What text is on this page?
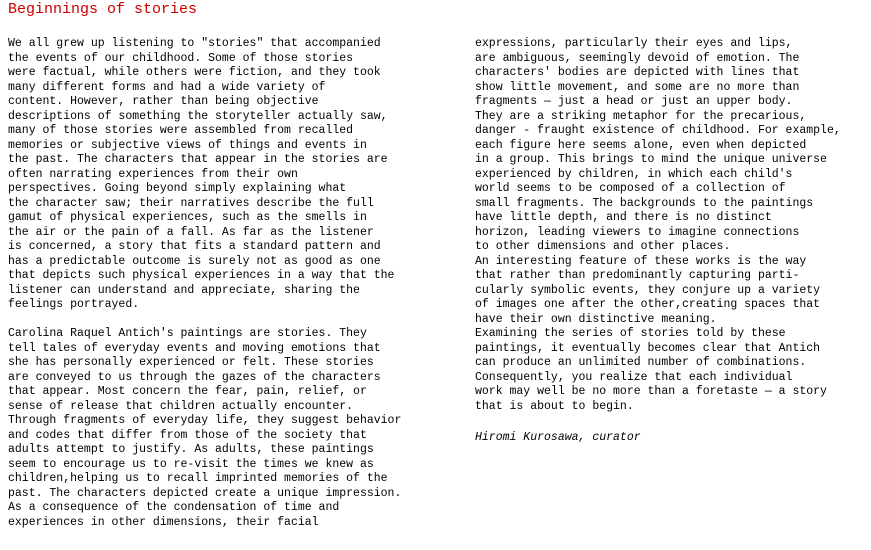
Beginnings of stories
We all grew up listening to "stories" that accompanied
the events of our childhood. Some of those stories
were factual, while others were fiction, and they took
many different forms and had a wide variety of
content. However, rather than being objective
descriptions of something the storyteller actually saw,
many of those stories were assembled from recalled
memories or subjective views of things and events in
the past. The characters that appear in the stories are
often narrating experiences from their own
perspectives. Going beyond simply explaining what
the character saw; their narratives describe the full
gamut of physical experiences, such as the smells in
the air or the pain of a fall. As far as the listener
is concerned, a story that fits a standard pattern and
has a predictable outcome is surely not as good as one
that depicts such physical experiences in a way that the
listener can understand and appreciate, sharing the
feelings portrayed.
Carolina Raquel Antich's paintings are stories. They
tell tales of everyday events and moving emotions that
she has personally experienced or felt. These stories
are conveyed to us through the gazes of the characters
that appear. Most concern the fear, pain, relief, or
sense of release that children actually encounter.
Through fragments of everyday life, they suggest behavior
and codes that differ from those of the society that
adults attempt to justify. As adults, these paintings
seem to encourage us to re-visit the times we knew as
children,helping us to recall imprinted memories of the
past. The characters depicted create a unique impression.
As a consequence of the condensation of time and
experiences in other dimensions, their facial
expressions, particularly their eyes and lips,
are ambiguous, seemingly devoid of emotion. The
characters' bodies are depicted with lines that
show little movement, and some are no more than
fragments — just a head or just an upper body.
They are a striking metaphor for the precarious,
danger - fraught existence of childhood. For example,
each figure here seems alone, even when depicted
in a group. This brings to mind the unique universe
experienced by children, in which each child's
world seems to be composed of a collection of
small fragments. The backgrounds to the paintings
have little depth, and there is no distinct
horizon, leading viewers to imagine connections
to other dimensions and other places.
An interesting feature of these works is the way
that rather than predominantly capturing parti-
cularly symbolic events, they conjure up a variety
of images one after the other,creating spaces that
have their own distinctive meaning.
Examining the series of stories told by these
paintings, it eventually becomes clear that Antich
can produce an unlimited number of combinations.
Consequently, you realize that each individual
work may well be no more than a foretaste — a story
that is about to begin.
Hiromi Kurosawa, curator
